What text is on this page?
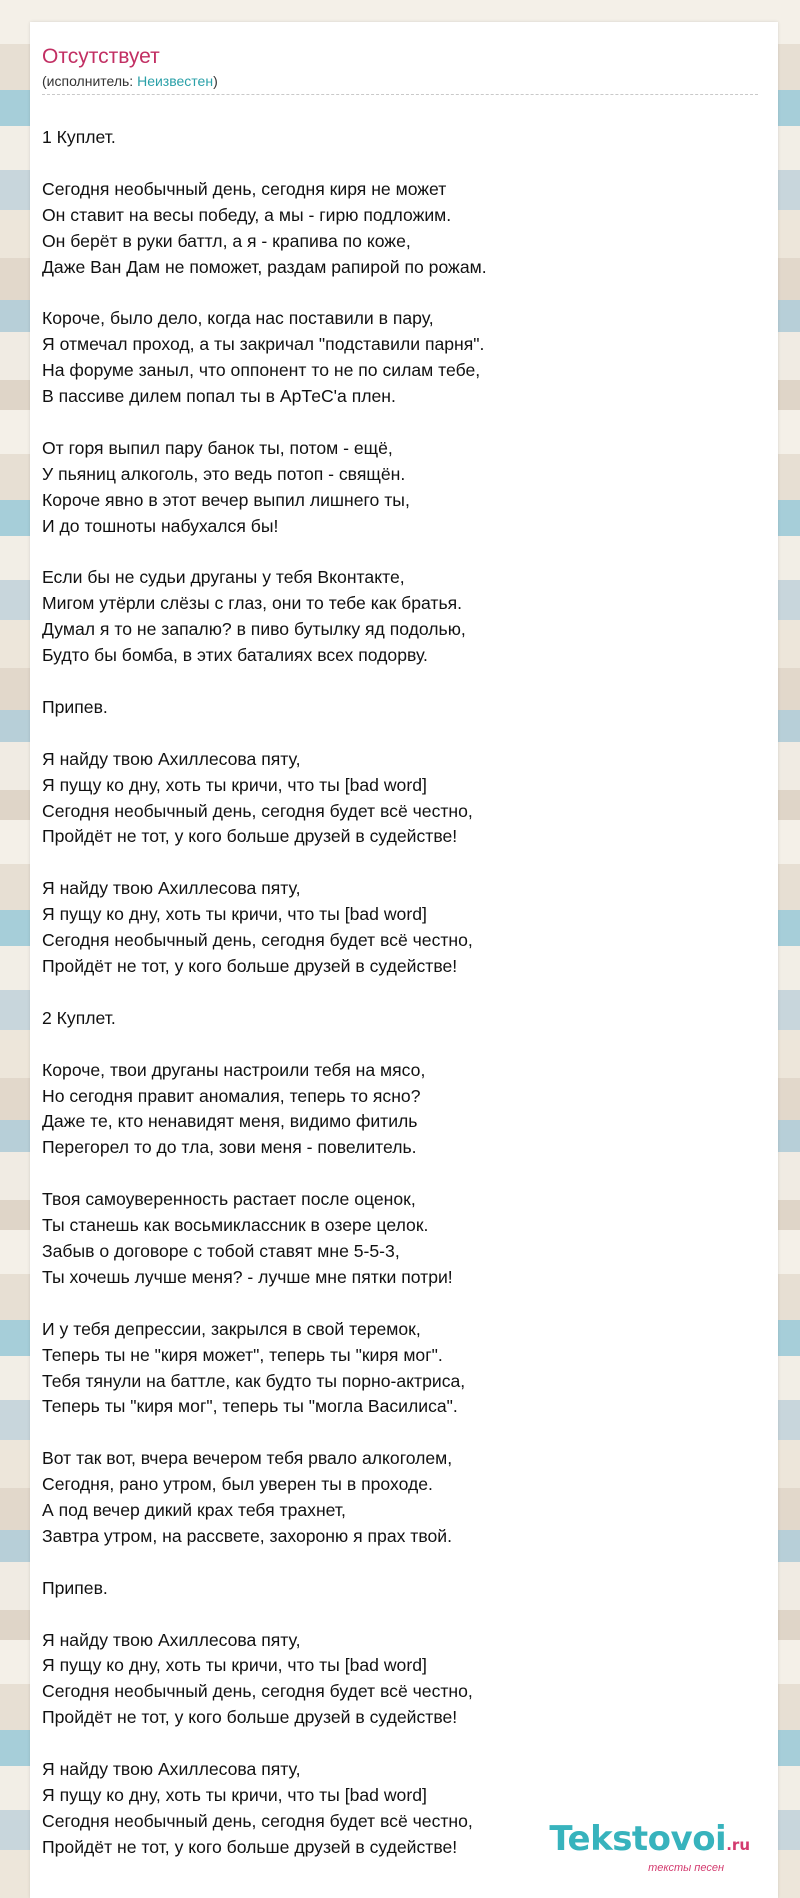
Отсутствует
(исполнитель: Неизвестен)
1 Куплет.

Сегодня необычный день, сегодня киря не может
Он ставит на весы победу, а мы - гирю подложим.
Он берёт в руки баттл, а я - крапива по коже,
Даже Ван Дам не поможет, раздам рапирой по рожам.

Короче, было дело, когда нас поставили в пару,
Я отмечал проход, а ты закричал "подставили парня".
На форуме заныл, что оппонент то не по силам тебе,
В пассиве дилем попал ты в АрТеС'а плен.

От горя выпил пару банок ты, потом - ещё,
У пьяниц алкоголь, это ведь потоп - свящён.
Короче явно в этот вечер выпил лишнего ты,
И до тошноты набухался бы!

Если бы не судьи друганы у тебя Вконтакте,
Мигом утёрли слёзы с глаз, они то тебе как братья.
Думал я то не запалю? в пиво бутылку яд подолью,
Будто бы бомба, в этих баталиях всех подорву.

Припев.

Я найду твою Ахиллесова пяту,
Я пущу ко дну, хоть ты кричи, что ты [bad word]
Сегодня необычный день, сегодня будет всё честно,
Пройдёт не тот, у кого больше друзей в судействе!

Я найду твою Ахиллесова пяту,
Я пущу ко дну, хоть ты кричи, что ты [bad word]
Сегодня необычный день, сегодня будет всё честно,
Пройдёт не тот, у кого больше друзей в судействе!

2 Куплет.

Короче, твои друганы настроили тебя на мясо,
Но сегодня правит аномалия, теперь то ясно?
Даже те, кто ненавидят меня, видимо фитиль
Перегорел то до тла, зови меня - повелитель.

Твоя самоуверенность растает после оценок,
Ты станешь как восьмиклассник в озере целок.
Забыв о договоре с тобой ставят мне 5-5-3,
Ты хочешь лучше меня? - лучше мне пятки потри!

И у тебя депрессии, закрылся в свой теремок,
Теперь ты не "киря может", теперь ты "киря мог".
Тебя тянули на баттле, как будто ты порно-актриса,
Теперь ты "киря мог", теперь ты "могла Василиса".

Вот так вот, вчера вечером тебя рвало алкоголем,
Сегодня, рано утром, был уверен ты в проходе.
А под вечер дикий крах тебя трахнет,
Завтра утром, на рассвете, захороню я прах твой.

Припев.

Я найду твою Ахиллесова пяту,
Я пущу ко дну, хоть ты кричи, что ты [bad word]
Сегодня необычный день, сегодня будет всё честно,
Пройдёт не тот, у кого больше друзей в судействе!

Я найду твою Ахиллесова пяту,
Я пущу ко дну, хоть ты кричи, что ты [bad word]
Сегодня необычный день, сегодня будет всё честно,
Пройдёт не тот, у кого больше друзей в судействе!	Tekstovoi.ru
тексты песен
